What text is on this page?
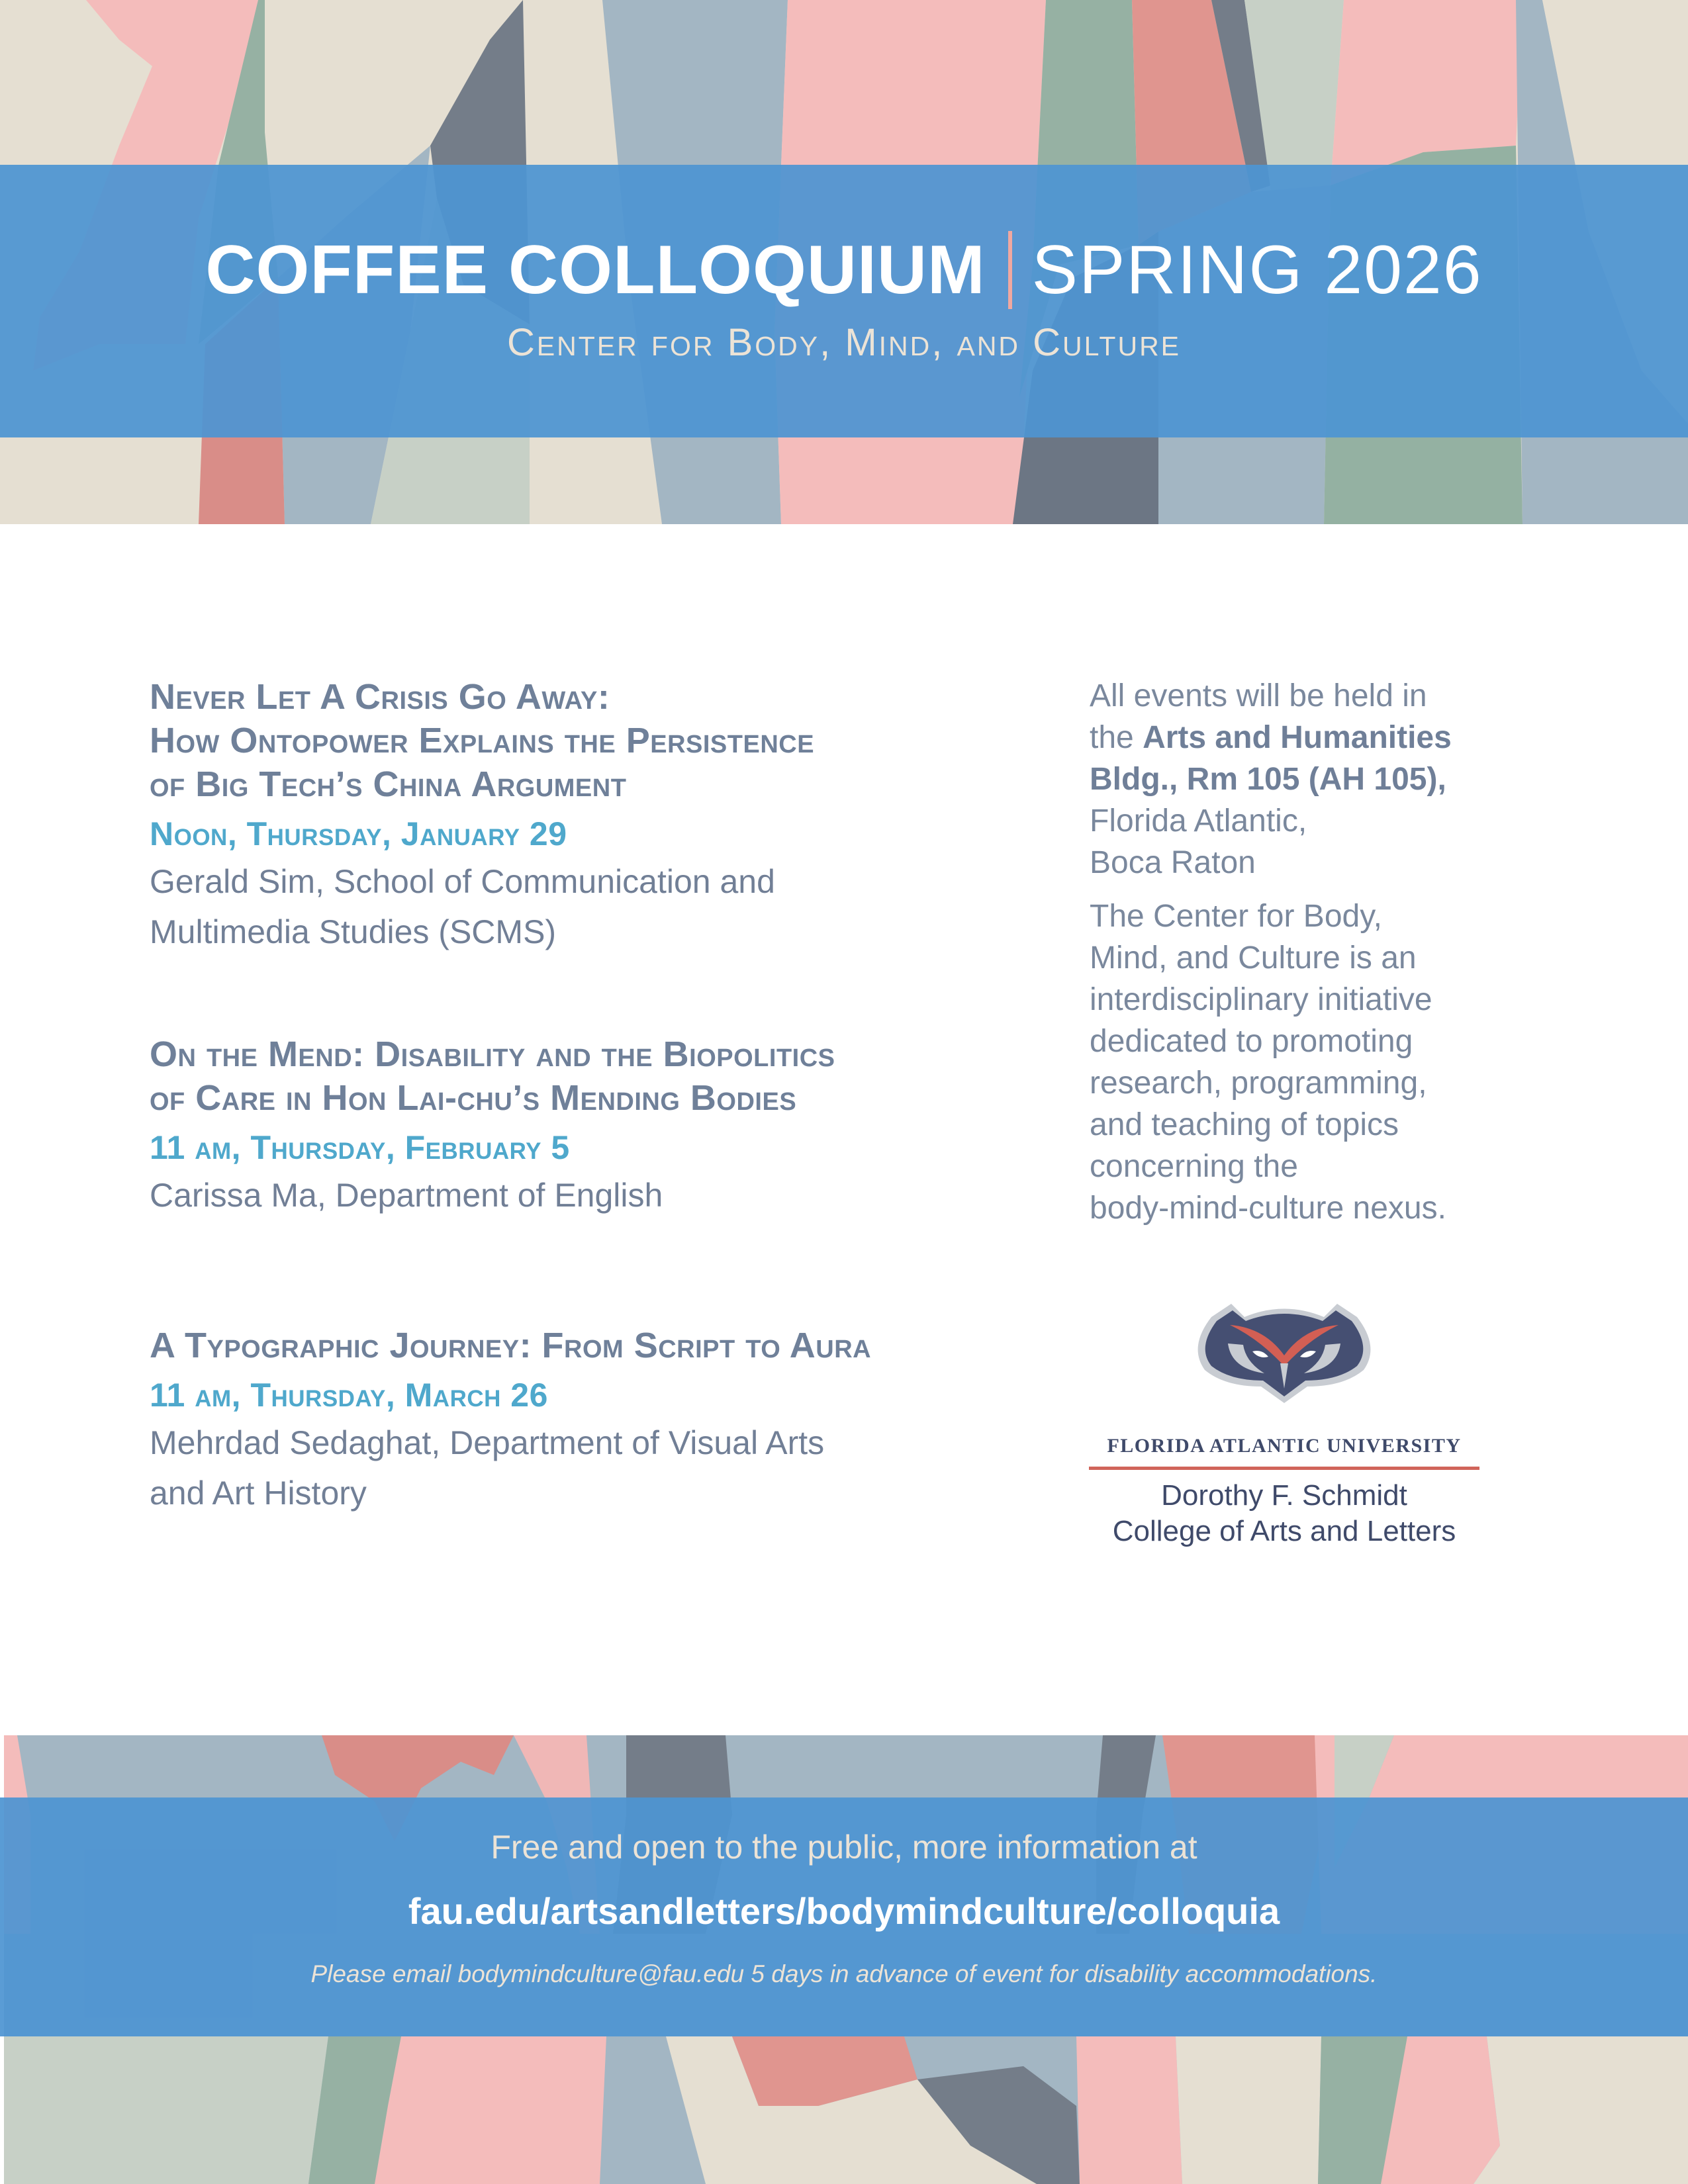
COFFEE COLLOQUIUM SPRING 2026
Center for Body, Mind, and Culture
Never Let A Crisis Go Away:
How Ontopower Explains the Persistence
of Big Tech’s China Argument
Noon, Thursday, January 29
Gerald Sim, School of Communication and
Multimedia Studies (SCMS)
On the Mend: Disability and the Biopolitics
of Care in Hon Lai-chu’s Mending Bodies
11 am, Thursday, February 5
Carissa Ma, Department of English
A Typographic Journey: From Script to Aura
11 am, Thursday, March 26
Mehrdad Sedaghat, Department of Visual Arts
and Art History
All events will be held in
the Arts and Humanities
Bldg., Rm 105 (AH 105),
Florida Atlantic,
Boca Raton
The Center for Body,
Mind, and Culture is an
interdisciplinary initiative
dedicated to promoting
research, programming,
and teaching of topics
concerning the
body-mind-culture nexus.
FLORIDA ATLANTIC UNIVERSITY
Dorothy F. Schmidt
College of Arts and Letters
Free and open to the public, more information at
fau.edu/artsandletters/bodymindculture/colloquia
Please email bodymindculture@fau.edu 5 days in advance of event for disability accommodations.
